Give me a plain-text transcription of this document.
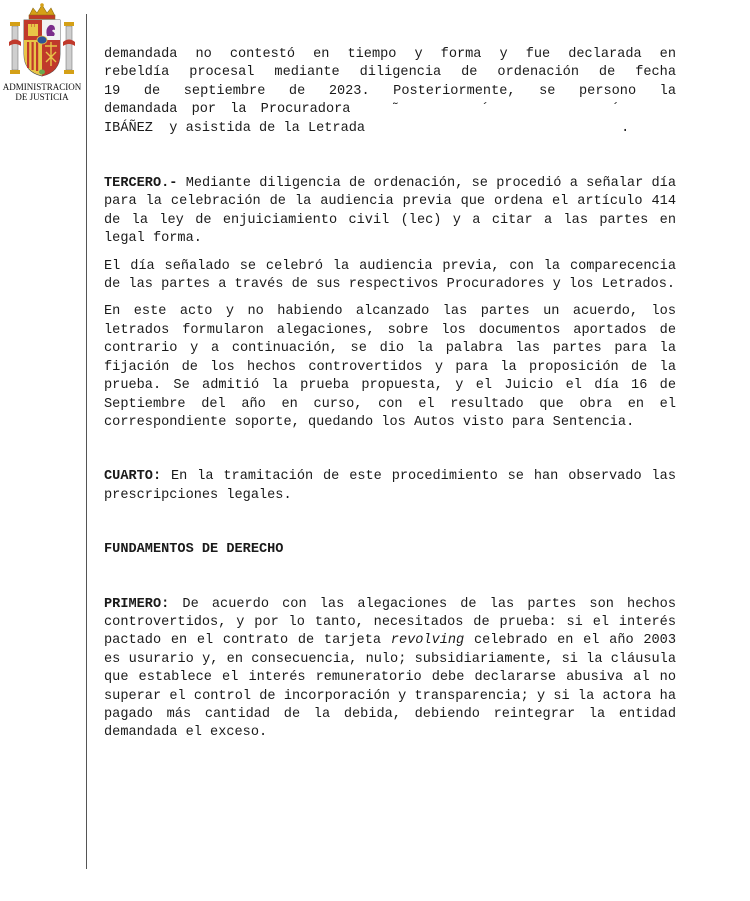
ADMINISTRACION
DE JUSTICIA

demandada no contestó en tiempo y forma y fue declarada en

rebeldía procesal mediante diligencia de ordenación de fecha

19 de septiembre de 2023. Posteriormente, se persono la

demandada por la Procuradora	˜          ´               ´

IBÁÑEZ y asistida de la Letrada	.

TERCERO.- Mediante diligencia de ordenación, se procedió a señalar día para la celebración de la audiencia previa que ordena el artículo 414 de la ley de enjuiciamiento civil (lec) y a citar a las partes en legal forma.

El día señalado se celebró la audiencia previa, con la comparecencia de las partes a través de sus respectivos Procuradores y los Letrados.

En este acto y no habiendo alcanzado las partes un acuerdo, los letrados formularon alegaciones, sobre los documentos aportados de contrario y a continuación, se dio la palabra las partes para la fijación de los hechos controvertidos y para la proposición de la prueba. Se admitió la prueba propuesta, y el Juicio el día 16 de Septiembre del año en curso, con el resultado que obra en el correspondiente soporte, quedando los Autos visto para Sentencia.

CUARTO: En la tramitación de este procedimiento se han observado las prescripciones legales.

FUNDAMENTOS DE DERECHO

PRIMERO: De acuerdo con las alegaciones de las partes son hechos controvertidos, y por lo tanto, necesitados de prueba: si el interés pactado en el contrato de tarjeta revolving celebrado en el año 2003 es usurario y, en consecuencia, nulo; subsidiariamente, si la cláusula que establece el interés remuneratorio debe declararse abusiva al no superar el control de incorporación y transparencia; y si la actora ha pagado más cantidad de la debida, debiendo reintegrar la entidad demandada el exceso.
